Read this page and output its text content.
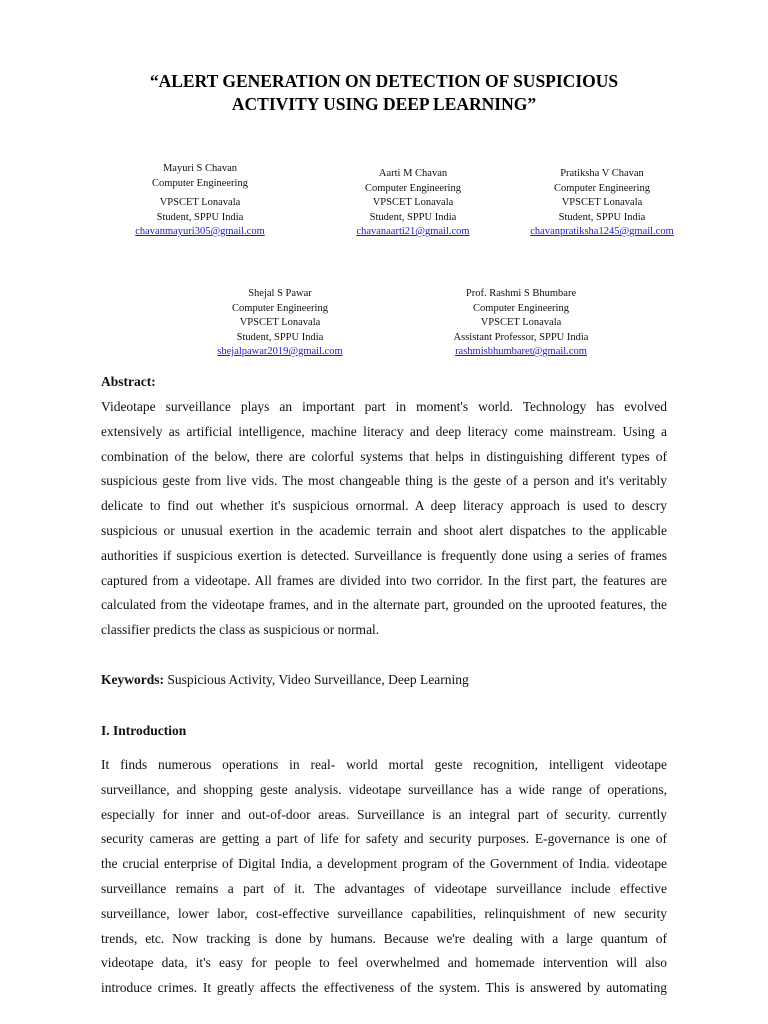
“ALERT GENERATION ON DETECTION OF SUSPICIOUS
ACTIVITY USING DEEP LEARNING”
Mayuri S Chavan
Computer Engineering
VPSCET Lonavala
Student, SPPU India
chavanmayuri305@gmail.com
Aarti M Chavan
Computer Engineering
VPSCET Lonavala
Student, SPPU India
chavanaarti21@gmail.com
Pratiksha V Chavan
Computer Engineering
VPSCET Lonavala
Student, SPPU India
chavanpratiksha1245@gmail.com
Shejal S Pawar
Computer Engineering
VPSCET Lonavala
Student, SPPU India
shejalpawar2019@gmail.com
Prof. Rashmi S Bhumbare
Computer Engineering
VPSCET Lonavala
Assistant Professor, SPPU India
rashmisbhumbaret@gmail.com
Abstract:
Videotape surveillance plays an important part in moment's world. Technology has evolved
extensively as artificial intelligence, machine literacy and deep literacy come mainstream. Using a
combination of the below, there are colorful systems that helps in distinguishing different types of
suspicious geste from live vids. The most changeable thing is the geste of a person and it's veritably
delicate to find out whether it's suspicious ornormal. A deep literacy approach is used to descry
suspicious or unusual exertion in the academic terrain and shoot alert dispatches to the applicable
authorities if suspicious exertion is detected. Surveillance is frequently done using a series of frames
captured from a videotape. All frames are divided into two corridor. In the first part, the features are
calculated from the videotape frames, and in the alternate part, grounded on the uprooted features, the
classifier predicts the class as suspicious or normal.
Keywords: Suspicious Activity, Video Surveillance, Deep Learning
I. Introduction
It finds numerous operations in real- world mortal geste recognition, intelligent videotape
surveillance, and shopping geste analysis. videotape surveillance has a wide range of operations,
especially for inner and out-of-door areas. Surveillance is an integral part of security. currently
security cameras are getting a part of life for safety and security purposes. E-governance is one of
the crucial enterprise of Digital India, a development program of the Government of India. videotape
surveillance remains a part of it. The advantages of videotape surveillance include effective
surveillance, lower labor, cost-effective surveillance capabilities, relinquishment of new security
trends, etc. Now tracking is done by humans. Because we're dealing with a large quantum of
videotape data, it's easy for people to feel overwhelmed and homemade intervention will also
introduce crimes. It greatly affects the effectiveness of the system. This is answered by automating
